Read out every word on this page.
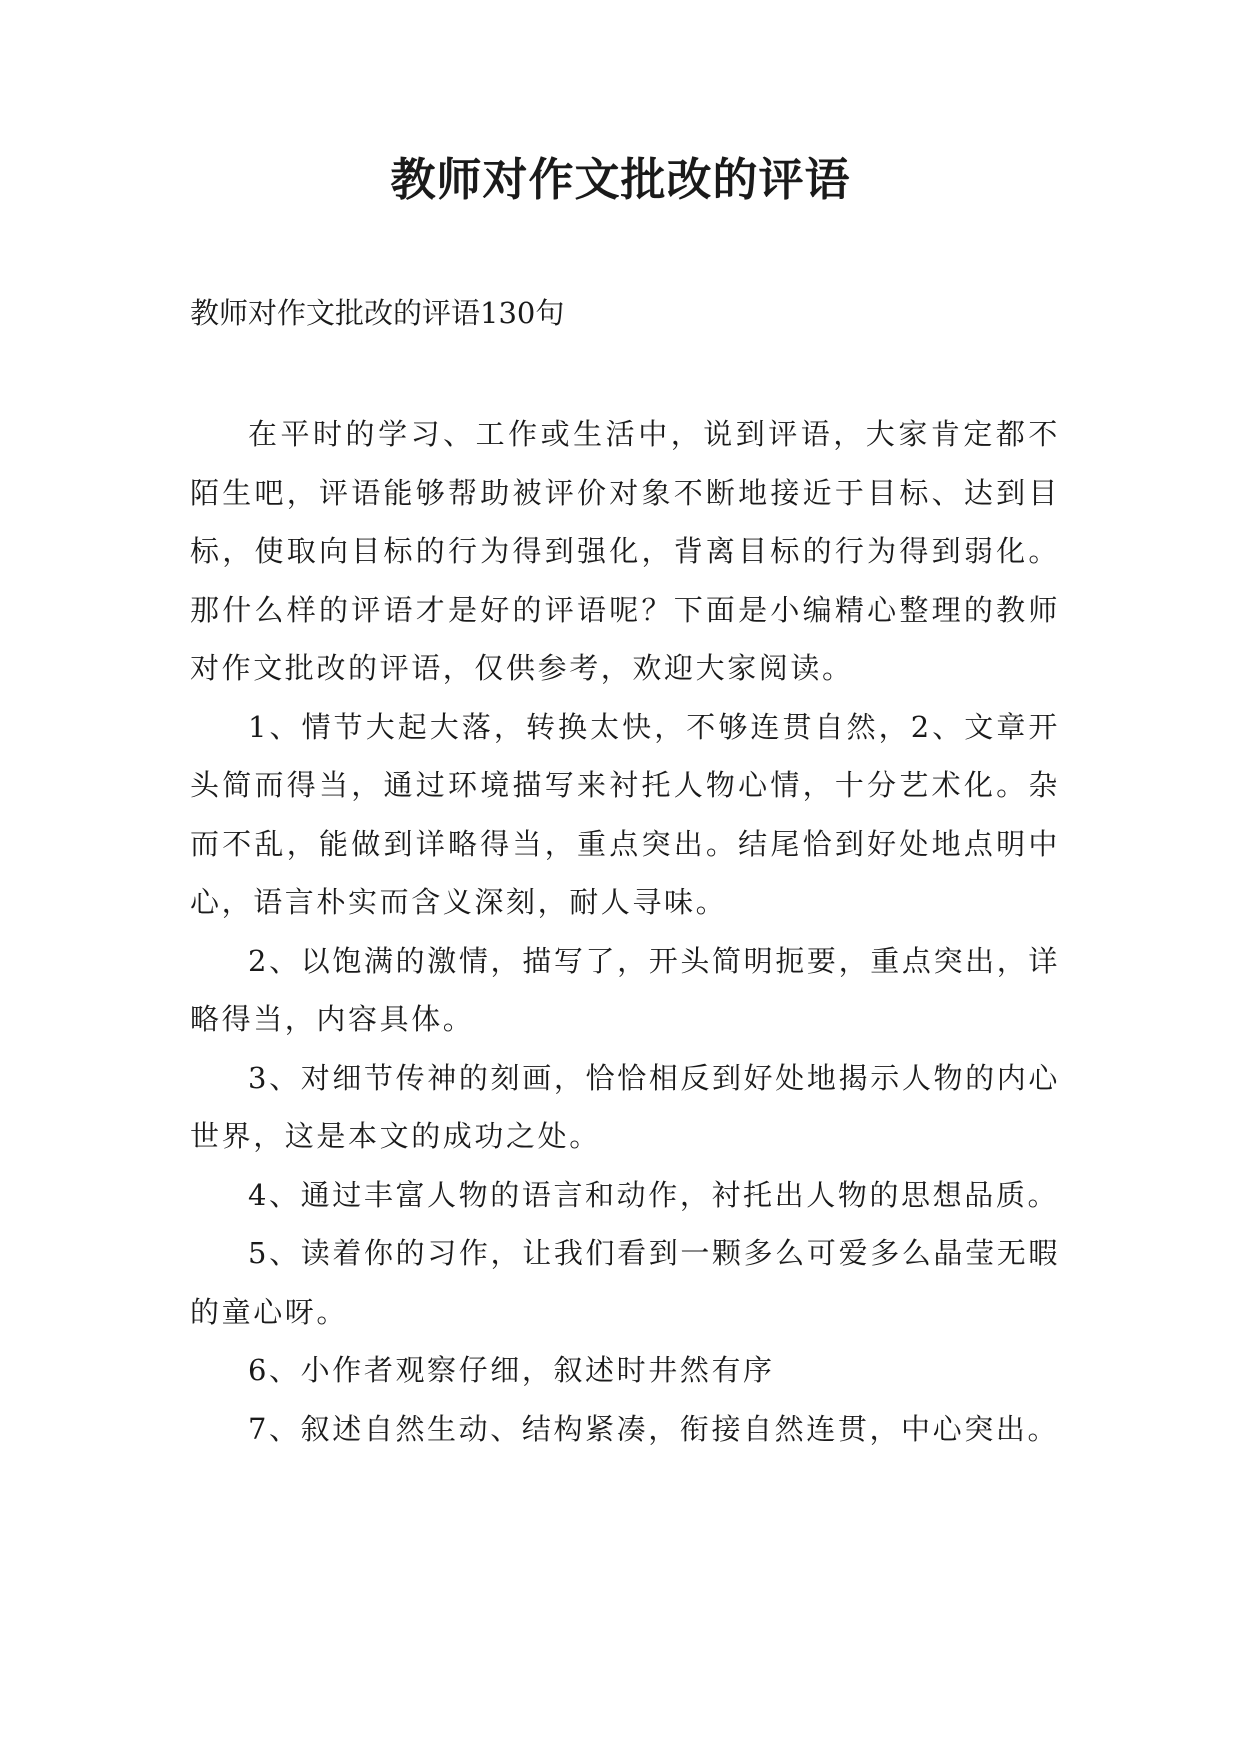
教师对作文批改的评语

教师对作文批改的评语130句

在平时的学习、工作或生活中，说到评语，大家肯定都不陌生吧，评语能够帮助被评价对象不断地接近于目标、达到目标，使取向目标的行为得到强化，背离目标的行为得到弱化。那什么样的评语才是好的评语呢？下面是小编精心整理的教师对作文批改的评语，仅供参考，欢迎大家阅读。

1、情节大起大落，转换太快，不够连贯自然，2、文章开头简而得当，通过环境描写来衬托人物心情，十分艺术化。杂而不乱，能做到详略得当，重点突出。结尾恰到好处地点明中心，语言朴实而含义深刻，耐人寻味。

2、以饱满的激情，描写了，开头简明扼要，重点突出，详略得当，内容具体。

3、对细节传神的刻画，恰恰相反到好处地揭示人物的内心世界，这是本文的成功之处。

4、通过丰富人物的语言和动作，衬托出人物的思想品质。

5、读着你的习作，让我们看到一颗多么可爱多么晶莹无暇的童心呀。

6、小作者观察仔细，叙述时井然有序

7、叙述自然生动、结构紧凑，衔接自然连贯，中心突出。
